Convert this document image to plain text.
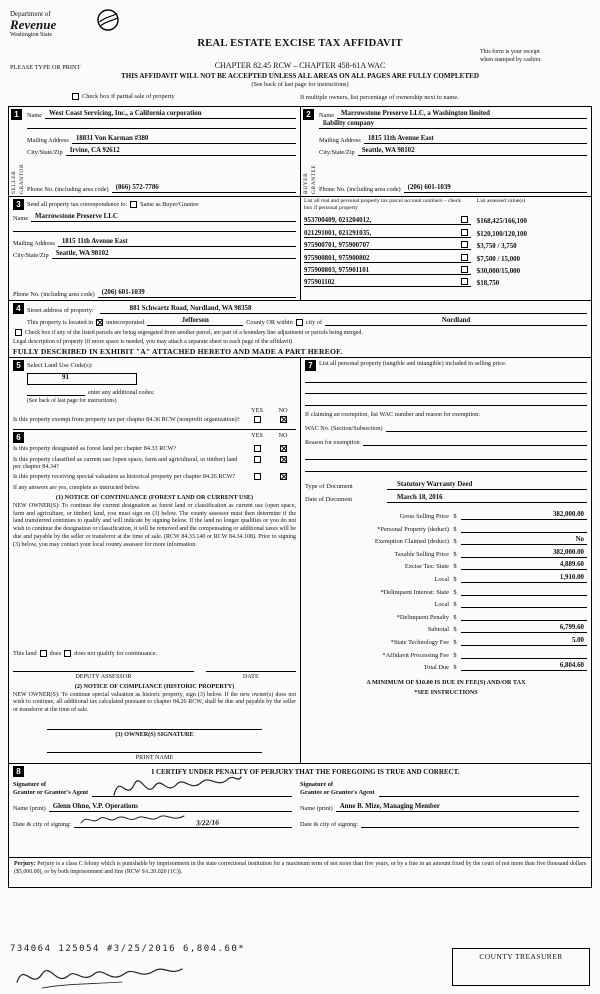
Department of
Revenue
Washington State
REAL ESTATE EXCISE TAX AFFIDAVIT
This form is your receipt
when stamped by cashier.
PLEASE TYPE OR PRINT	CHAPTER 82.45 RCW – CHAPTER 458-61A WAC
THIS AFFIDAVIT WILL NOT BE ACCEPTED UNLESS ALL AREAS ON ALL PAGES ARE FULLY COMPLETED
(See back of last page for instructions)
Check box if partial sale of property	If multiple owners, list percentage of ownership next to name.
1
SELLER GRANTOR
Name	West Coast Servicing, Inc., a California corporation
Mailing Address	18831 Von Karman #380
City/State/Zip	Irvine, CA 92612
Phone No. (including area code)	(866) 572-7786
2
BUYER GRANTEE
Name	Marrowstone Preserve LLC, a Washington limited
liability company
Mailing Address	1815 11th Avenue East
City/State/Zip	Seattle, WA 98102
Phone No. (including area code)	(206) 601-1039
3	Send all property tax correspondence to: Same as Buyer/Grantee
Name	Marrowstone Preserve LLC
Mailing Address	1815 11th Avenue East
City/State/Zip	Seattle, WA 98102
Phone No. (including area code)	(206) 601-1039
List all real and personal property tax parcel account numbers – check box if personal property
List assessed value(s)
953700409, 021204012,	$168,425/166,100
021291001, 021291035,	$120,100/120,100
975900701, 975900707	$3,750 / 3,750
975900801, 975900802	$7,500 / 15,000
975900803, 975901101	$30,000/15,000
975901102	$18,750
4 Street address of property:	881 Schwartz Road, Nordland, WA 98358
This property is located in unincorporated	Jefferson	County OR within city of	Nordland
Check box if any of the listed parcels are being segregated from another parcel, are part of a boundary line adjustment or parcels being merged.
Legal description of property (if more space is needed, you may attach a separate sheet to each page of the affidavit)
FULLY DESCRIBED IN EXHIBIT "A" ATTACHED HERETO AND MADE A PART HEREOF.
5 Select Land Use Code(s):
91
enter any additional codes:
(See back of last page for instructions)
YES	NO
Is this property exempt from property tax per chapter 84.36 RCW (nonprofit organization)?
6	YES	NO
Is this property designated as forest land per chapter 84.33 RCW?
Is this property classified as current use (open space, farm and agricultural, or timber) land per chapter 84.34?
Is this property receiving special valuation as historical property per chapter 84.26 RCW?
If any answers are yes, complete as instructed below.
(1) NOTICE OF CONTINUANCE (FOREST LAND OR CURRENT USE)
NEW OWNER(S): To continue the current designation as forest land or classification as current use (open space, farm and agriculture, or timber) land, you must sign on (3) below. The county assessor must then determine if the land transferred continues to qualify and will indicate by signing below. If the land no longer qualifies or you do not wish to continue the designation or classification, it will be removed and the compensating or additional taxes will be due and payable by the seller or transferor at the time of sale. (RCW 84.33.140 or RCW 84.34.108). Prior to signing (3) below, you may contact your local county assessor for more information.
This land does does not qualify for continuance.
DEPUTY ASSESSOR	DATE
(2) NOTICE OF COMPLIANCE (HISTORIC PROPERTY)
NEW OWNER(S): To continue special valuation as historic property, sign (3) below. If the new owner(s) does not wish to continue, all additional tax calculated pursuant to chapter 84.26 RCW, shall be due and payable by the seller or transferor at the time of sale.
(3) OWNER(S) SIGNATURE
PRINT NAME
7	List all personal property (tangible and intangible) included in selling price.
If claiming an exemption, list WAC number and reason for exemption:
WAC No. (Section/Subsection)
Reason for exemption
Type of Document	Statutory Warranty Deed
Date of Document	March 18, 2016
Gross Selling Price $	382,000.00
*Personal Property (deduct) $
Exemption Claimed (deduct) $	No
Taxable Selling Price $	382,000.00
Excise Tax: State $	4,889.60
Local $	1,910.00
*Delinquent Interest: State $
Local $
*Delinquent Penalty $
Subtotal $	6,799.60
*State Technology Fee $	5.00
*Affidavit Processing Fee $
Total Due $	6,804.60
A MINIMUM OF $10.00 IS DUE IN FEE(S) AND/OR TAX
*SEE INSTRUCTIONS
8	I CERTIFY UNDER PENALTY OF PERJURY THAT THE FOREGOING IS TRUE AND CORRECT.
Signature of
Grantor or Grantor's Agent
Signature of
Grantee or Grantee's Agent
Name (print)	Glenn Ohno, V.P. Operations	Name (print)	Anne B. Mize, Managing Member
Date & city of signing:	3/22/16	Date & city of signing:
Perjury: Perjury is a class C felony which is punishable by imprisonment in the state correctional institution for a maximum term of not more than five years, or by a fine in an amount fixed by the court of not more than five thousand dollars ($5,000.00), or by both imprisonment and fine (RCW 9A.20.020 (1C)).
734064 125054 #3/25/2016 6,804.60*
COUNTY TREASURER
